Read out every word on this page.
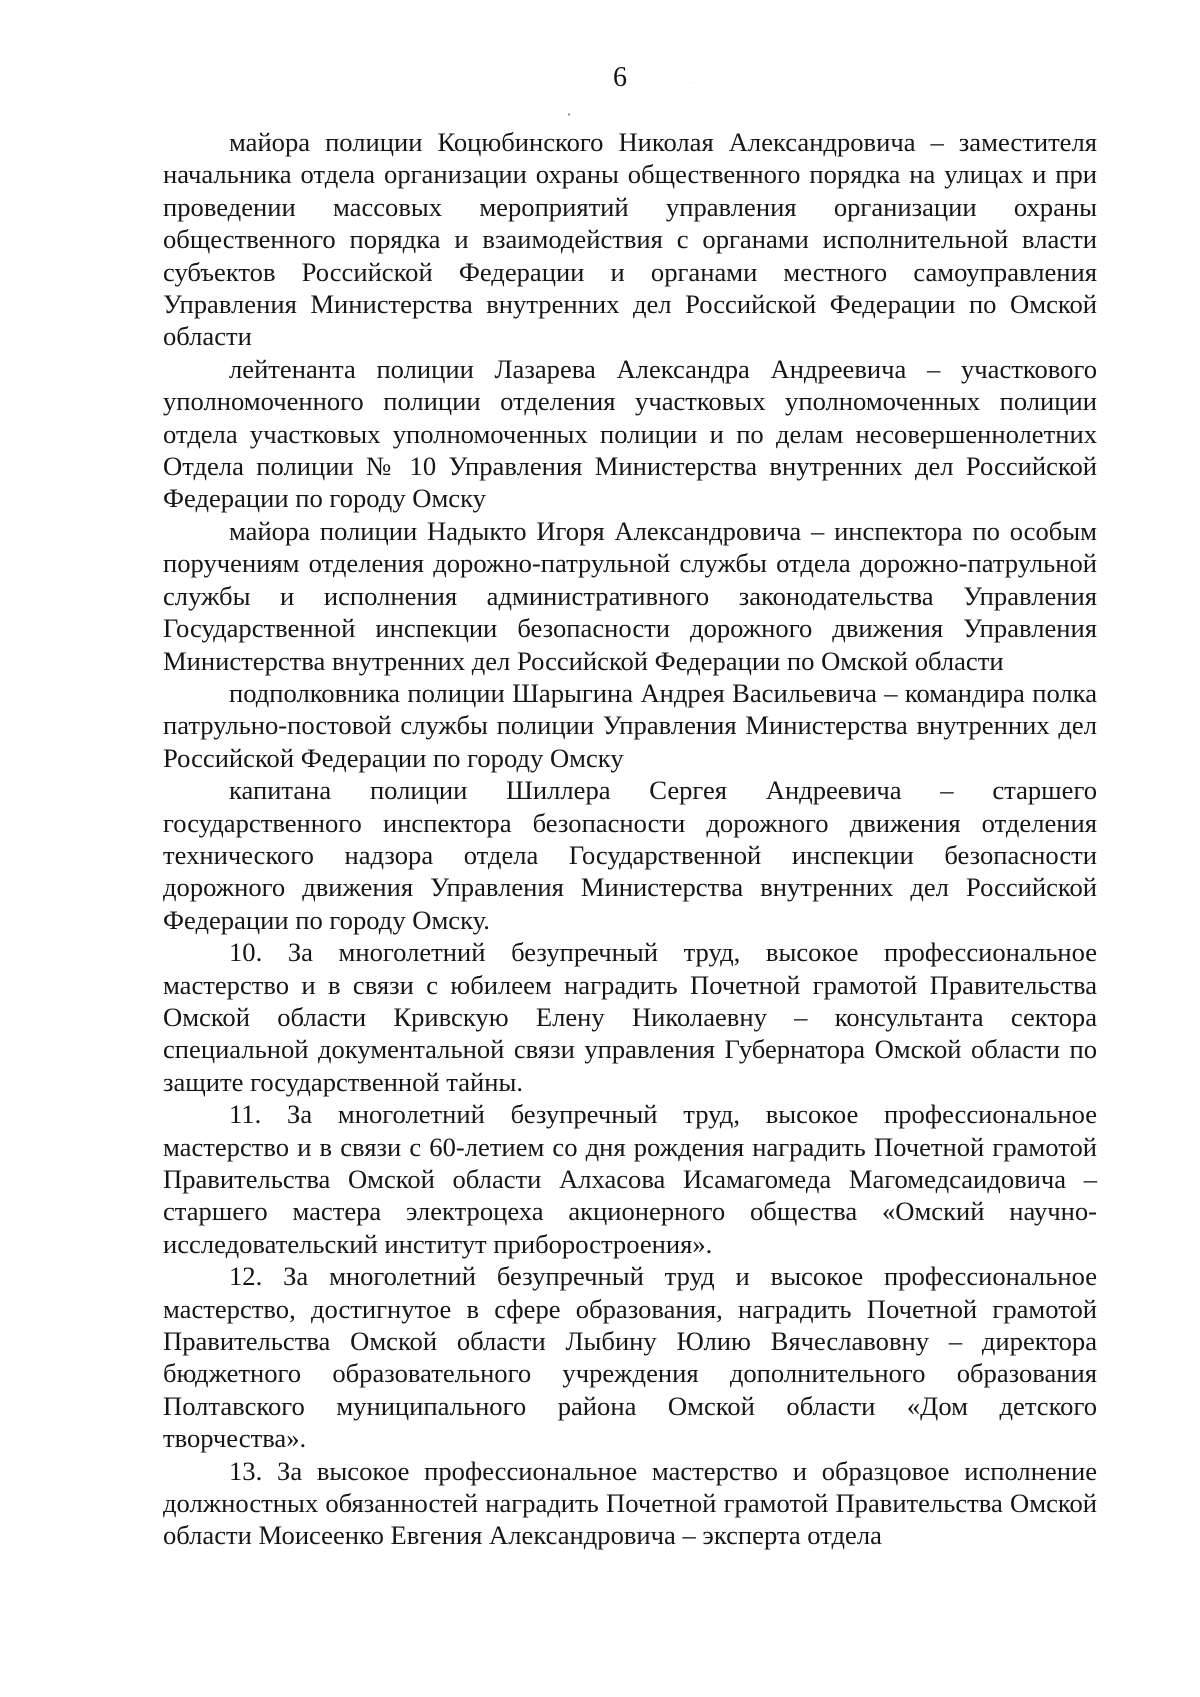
6

майора полиции Коцюбинского Николая Александровича – заместителя начальника отдела организации охраны общественного порядка на улицах и при проведении массовых мероприятий управления организации охраны общественного порядка и взаимодействия с органами исполнительной власти субъектов Российской Федерации и органами местного самоуправления Управления Министерства внутренних дел Российской Федерации по Омской области

лейтенанта полиции Лазарева Александра Андреевича – участкового уполномоченного полиции отделения участковых уполномоченных полиции отдела участковых уполномоченных полиции и по делам несовершеннолетних Отдела полиции № 10 Управления Министерства внутренних дел Российской Федерации по городу Омску

майора полиции Надыкто Игоря Александровича – инспектора по особым поручениям отделения дорожно-патрульной службы отдела дорожно-патрульной службы и исполнения административного законодательства Управления Государственной инспекции безопасности дорожного движения Управления Министерства внутренних дел Российской Федерации по Омской области

подполковника полиции Шарыгина Андрея Васильевича – командира полка патрульно-постовой службы полиции Управления Министерства внутренних дел Российской Федерации по городу Омску

капитана полиции Шиллера Сергея Андреевича – старшего государственного инспектора безопасности дорожного движения отделения технического надзора отдела Государственной инспекции безопасности дорожного движения Управления Министерства внутренних дел Российской Федерации по городу Омску.

10. За многолетний безупречный труд, высокое профессиональное мастерство и в связи с юбилеем наградить Почетной грамотой Правительства Омской области Кривскую Елену Николаевну – консультанта сектора специальной документальной связи управления Губернатора Омской области по защите государственной тайны.

11. За многолетний безупречный труд, высокое профессиональное мастерство и в связи с 60-летием со дня рождения наградить Почетной грамотой Правительства Омской области Алхасова Исамагомеда Магомедсаидовича – старшего мастера электроцеха акционерного общества «Омский научно-исследовательский институт приборостроения».

12. За многолетний безупречный труд и высокое профессиональное мастерство, достигнутое в сфере образования, наградить Почетной грамотой Правительства Омской области Лыбину Юлию Вячеславовну – директора бюджетного образовательного учреждения дополнительного образования Полтавского муниципального района Омской области «Дом детского творчества».

13. За высокое профессиональное мастерство и образцовое исполнение должностных обязанностей наградить Почетной грамотой Правительства Омской области Моисеенко Евгения Александровича – эксперта отдела
